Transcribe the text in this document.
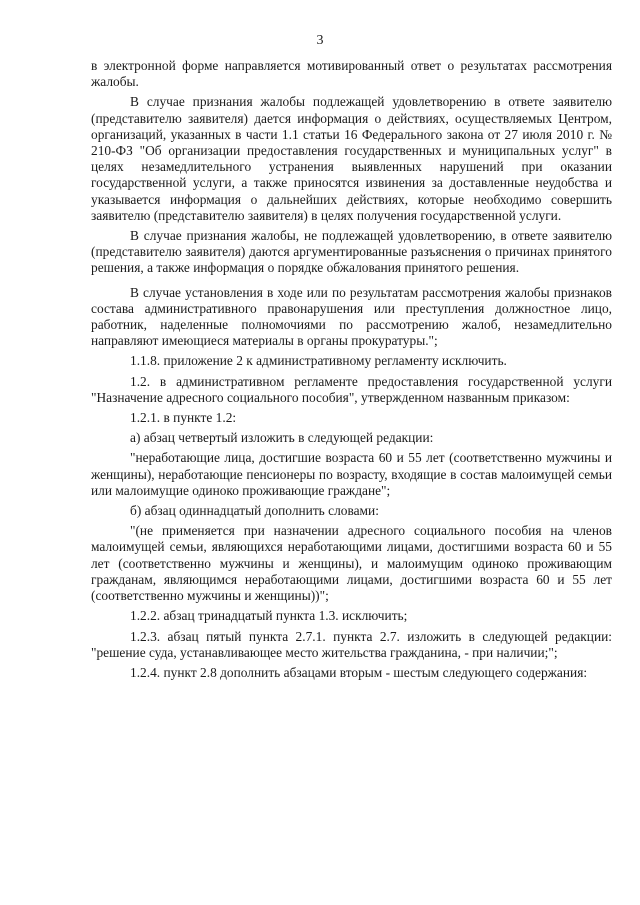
3

в электронной форме направляется мотивированный ответ о результатах рассмотрения жалобы.

В случае признания жалобы подлежащей удовлетворению в ответе заявителю (представителю заявителя) дается информация о действиях, осуществляемых Центром, организаций, указанных в части 1.1 статьи 16 Федерального закона от 27 июля 2010 г. № 210-ФЗ "Об организации предоставления государственных и муниципальных услуг" в целях незамедлительного устранения выявленных нарушений при оказании государственной услуги, а также приносятся извинения за доставленные неудобства и указывается информация о дальнейших действиях, которые необходимо совершить заявителю (представителю заявителя) в целях получения государственной услуги.

В случае признания жалобы, не подлежащей удовлетворению, в ответе заявителю (представителю заявителя) даются аргументированные разъяснения о причинах принятого решения, а также информация о порядке обжалования принятого решения.

В случае установления в ходе или по результатам рассмотрения жалобы признаков состава административного правонарушения или преступления должностное лицо, работник, наделенные полномочиями по рассмотрению жалоб, незамедлительно направляют имеющиеся материалы в органы прокуратуры.";

1.1.8. приложение 2 к административному регламенту исключить.

1.2. в административном регламенте предоставления государственной услуги "Назначение адресного социального пособия", утвержденном названным приказом:

1.2.1. в пункте 1.2:

а) абзац четвертый изложить в следующей редакции:

"неработающие лица, достигшие возраста 60 и 55 лет (соответственно мужчины и женщины), неработающие пенсионеры по возрасту, входящие в состав малоимущей семьи или малоимущие одиноко проживающие граждане";

б) абзац одиннадцатый дополнить словами:

"(не применяется при назначении адресного социального пособия на членов малоимущей семьи, являющихся неработающими лицами, достигшими возраста 60 и 55 лет (соответственно мужчины и женщины), и малоимущим одиноко проживающим гражданам, являющимся неработающими лицами, достигшими возраста 60 и 55 лет (соответственно мужчины и женщины))";

1.2.2. абзац тринадцатый пункта 1.3. исключить;

1.2.3. абзац пятый пункта 2.7.1. пункта 2.7. изложить в следующей редакции: "решение суда, устанавливающее место жительства гражданина, - при наличии;";

1.2.4. пункт 2.8 дополнить абзацами вторым - шестым следующего содержания:
